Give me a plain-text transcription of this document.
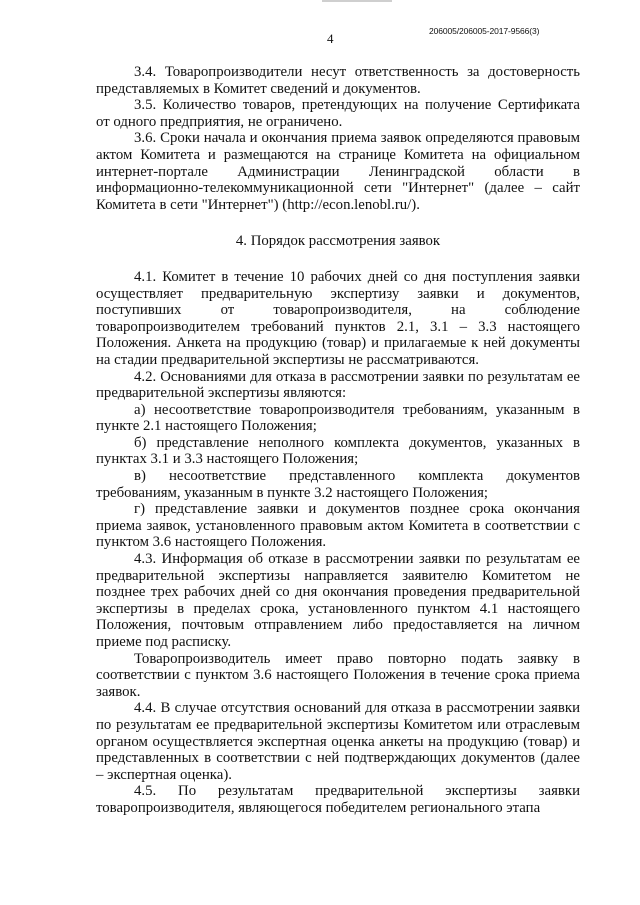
206005/206005-2017-9566(3)
4

3.4. Товаропроизводители несут ответственность за достоверность представляемых в Комитет сведений и документов.

3.5. Количество товаров, претендующих на получение Сертификата от одного предприятия, не ограничено.

3.6. Сроки начала и окончания приема заявок определяются правовым актом Комитета и размещаются на странице Комитета на официальном интернет-портале Администрации Ленинградской области в информационно-телекоммуникационной сети "Интернет" (далее – сайт Комитета в сети "Интернет") (http://econ.lenobl.ru/).

4. Порядок рассмотрения заявок

4.1. Комитет в течение 10 рабочих дней со дня поступления заявки осуществляет предварительную экспертизу заявки и документов, поступивших от товаропроизводителя, на соблюдение товаропроизводителем требований пунктов 2.1, 3.1 – 3.3 настоящего Положения. Анкета на продукцию (товар) и прилагаемые к ней документы на стадии предварительной экспертизы не рассматриваются.

4.2. Основаниями для отказа в рассмотрении заявки по результатам ее предварительной экспертизы являются:

а) несоответствие товаропроизводителя требованиям, указанным в пункте 2.1 настоящего Положения;

б) представление неполного комплекта документов, указанных в пунктах 3.1 и 3.3 настоящего Положения;

в) несоответствие представленного комплекта документов требованиям, указанным в пункте 3.2 настоящего Положения;

г) представление заявки и документов позднее срока окончания приема заявок, установленного правовым актом Комитета в соответствии с пунктом 3.6 настоящего Положения.

4.3. Информация об отказе в рассмотрении заявки по результатам ее предварительной экспертизы направляется заявителю Комитетом не позднее трех рабочих дней со дня окончания проведения предварительной экспертизы в пределах срока, установленного пунктом 4.1 настоящего Положения, почтовым отправлением либо предоставляется на личном приеме под расписку.

Товаропроизводитель имеет право повторно подать заявку в соответствии с пунктом 3.6 настоящего Положения в течение срока приема заявок.

4.4. В случае отсутствия оснований для отказа в рассмотрении заявки по результатам ее предварительной экспертизы Комитетом или отраслевым органом осуществляется экспертная оценка анкеты на продукцию (товар) и представленных в соответствии с ней подтверждающих документов (далее – экспертная оценка).

4.5. По результатам предварительной экспертизы заявки товаропроизводителя, являющегося победителем регионального этапа
